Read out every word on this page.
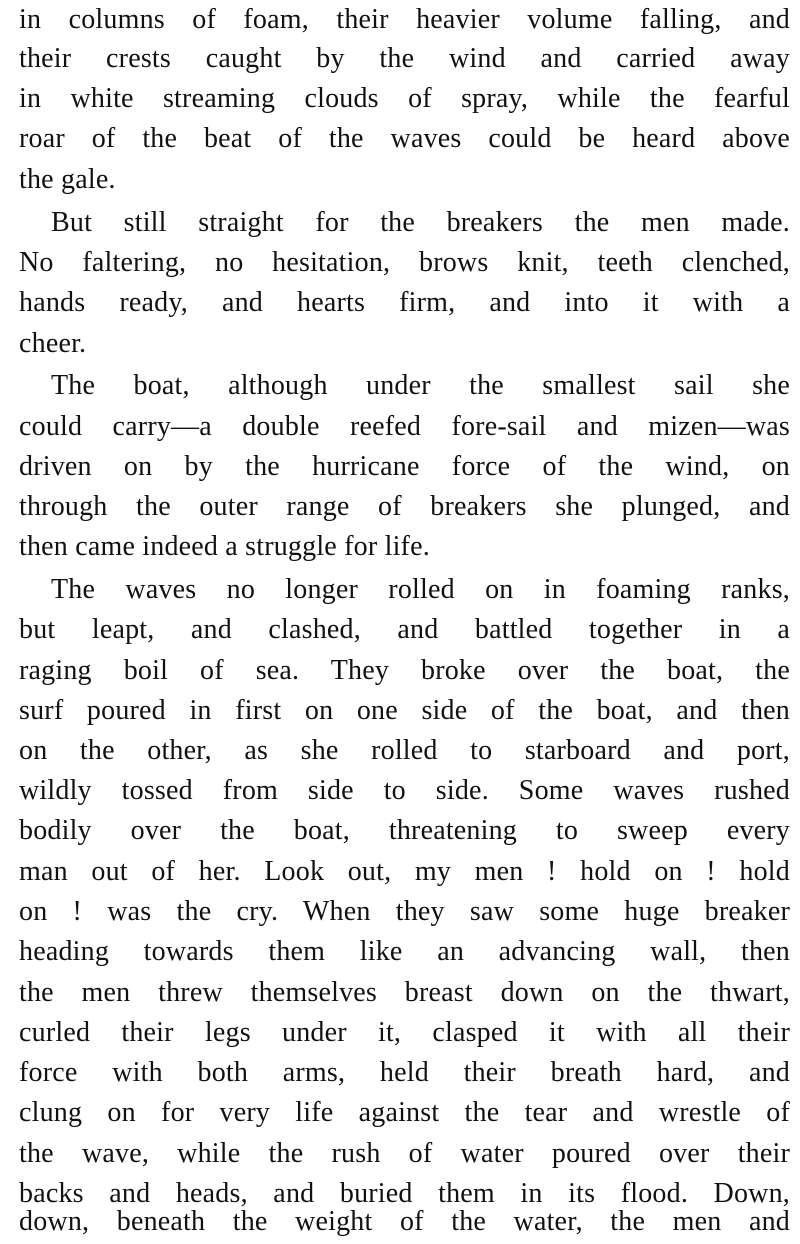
in columns of foam, their heavier volume falling, and
their crests caught by the wind and carried away
in white streaming clouds of spray, while the fearful
roar of the beat of the waves could be heard above
the gale.
But still straight for the breakers the men made.
No faltering, no hesitation, brows knit, teeth clenched,
hands ready, and hearts firm, and into it with a
cheer.
The boat, although under the smallest sail she
could carry—a double reefed fore-sail and mizen—was
driven on by the hurricane force of the wind, on
through the outer range of breakers she plunged, and
then came indeed a struggle for life.
The waves no longer rolled on in foaming ranks,
but leapt, and clashed, and battled together in a
raging boil of sea. They broke over the boat, the
surf poured in first on one side of the boat, and then
on the other, as she rolled to starboard and port,
wildly tossed from side to side. Some waves rushed
bodily over the boat, threatening to sweep every
man out of her. Look out, my men ! hold on ! hold
on ! was the cry. When they saw some huge breaker
heading towards them like an advancing wall, then
the men threw themselves breast down on the thwart,
curled their legs under it, clasped it with all their
force with both arms, held their breath hard, and
clung on for very life against the tear and wrestle of
the wave, while the rush of water poured over their
backs and heads, and buried them in its flood. Down,
down, beneath the weight of the water, the men and
